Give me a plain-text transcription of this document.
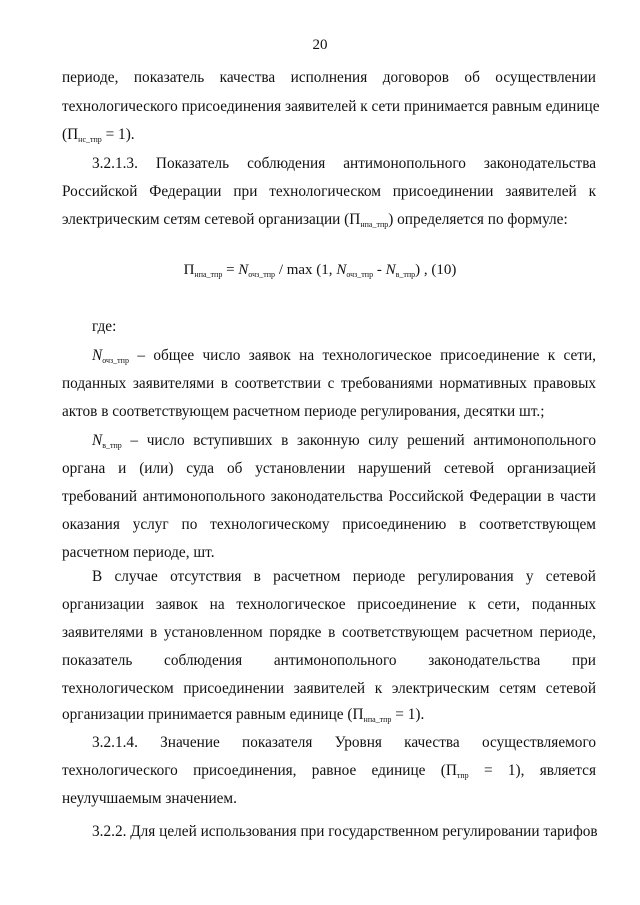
20
периоде, показатель качества исполнения договоров об осуществлении
технологического присоединения заявителей к сети принимается равным единице
$(П_{нс\_тпр} = 1)$.
3.2.1.3. Показатель соблюдения антимонопольного законодательства
Российской Федерации при технологическом присоединении заявителей к
электрическим сетям сетевой организации $(П_{нпа\_тпр})$ определяется по формуле:
$П_{нпа\_тпр} = N_{очз\_тпр} / \max (1$, $N_{очз\_тпр} - N_{в\_тпр}$) , (10)
где:
$N_{очз\_тпр}$ – общее число заявок на технологическое присоединение к сети,
поданных заявителями в соответствии с требованиями нормативных правовых
актов в соответствующем расчетном периоде регулирования, десятки шт.;
$N_{в\_тпр}$ – число вступивших в законную силу решений антимонопольного
органа и (или) суда об установлении нарушений сетевой организацией
требований антимонопольного законодательства Российской Федерации в части
оказания услуг по технологическому присоединению в соответствующем
расчетном периоде, шт.
В случае отсутствия в расчетном периоде регулирования у сетевой
организации заявок на технологическое присоединение к сети, поданных
заявителями в установленном порядке в соответствующем расчетном периоде,
показатель соблюдения антимонопольного законодательства при
технологическом присоединении заявителей к электрическим сетям сетевой
организации принимается равным единице $(П_{нпа\_тпр} = 1)$.
3.2.1.4. Значение показателя Уровня качества осуществляемого
технологического присоединения, равное единице $(П_{тпр} = 1)$, является
неулучшаемым значением.
3.2.2. Для целей использования при государственном регулировании тарифов
